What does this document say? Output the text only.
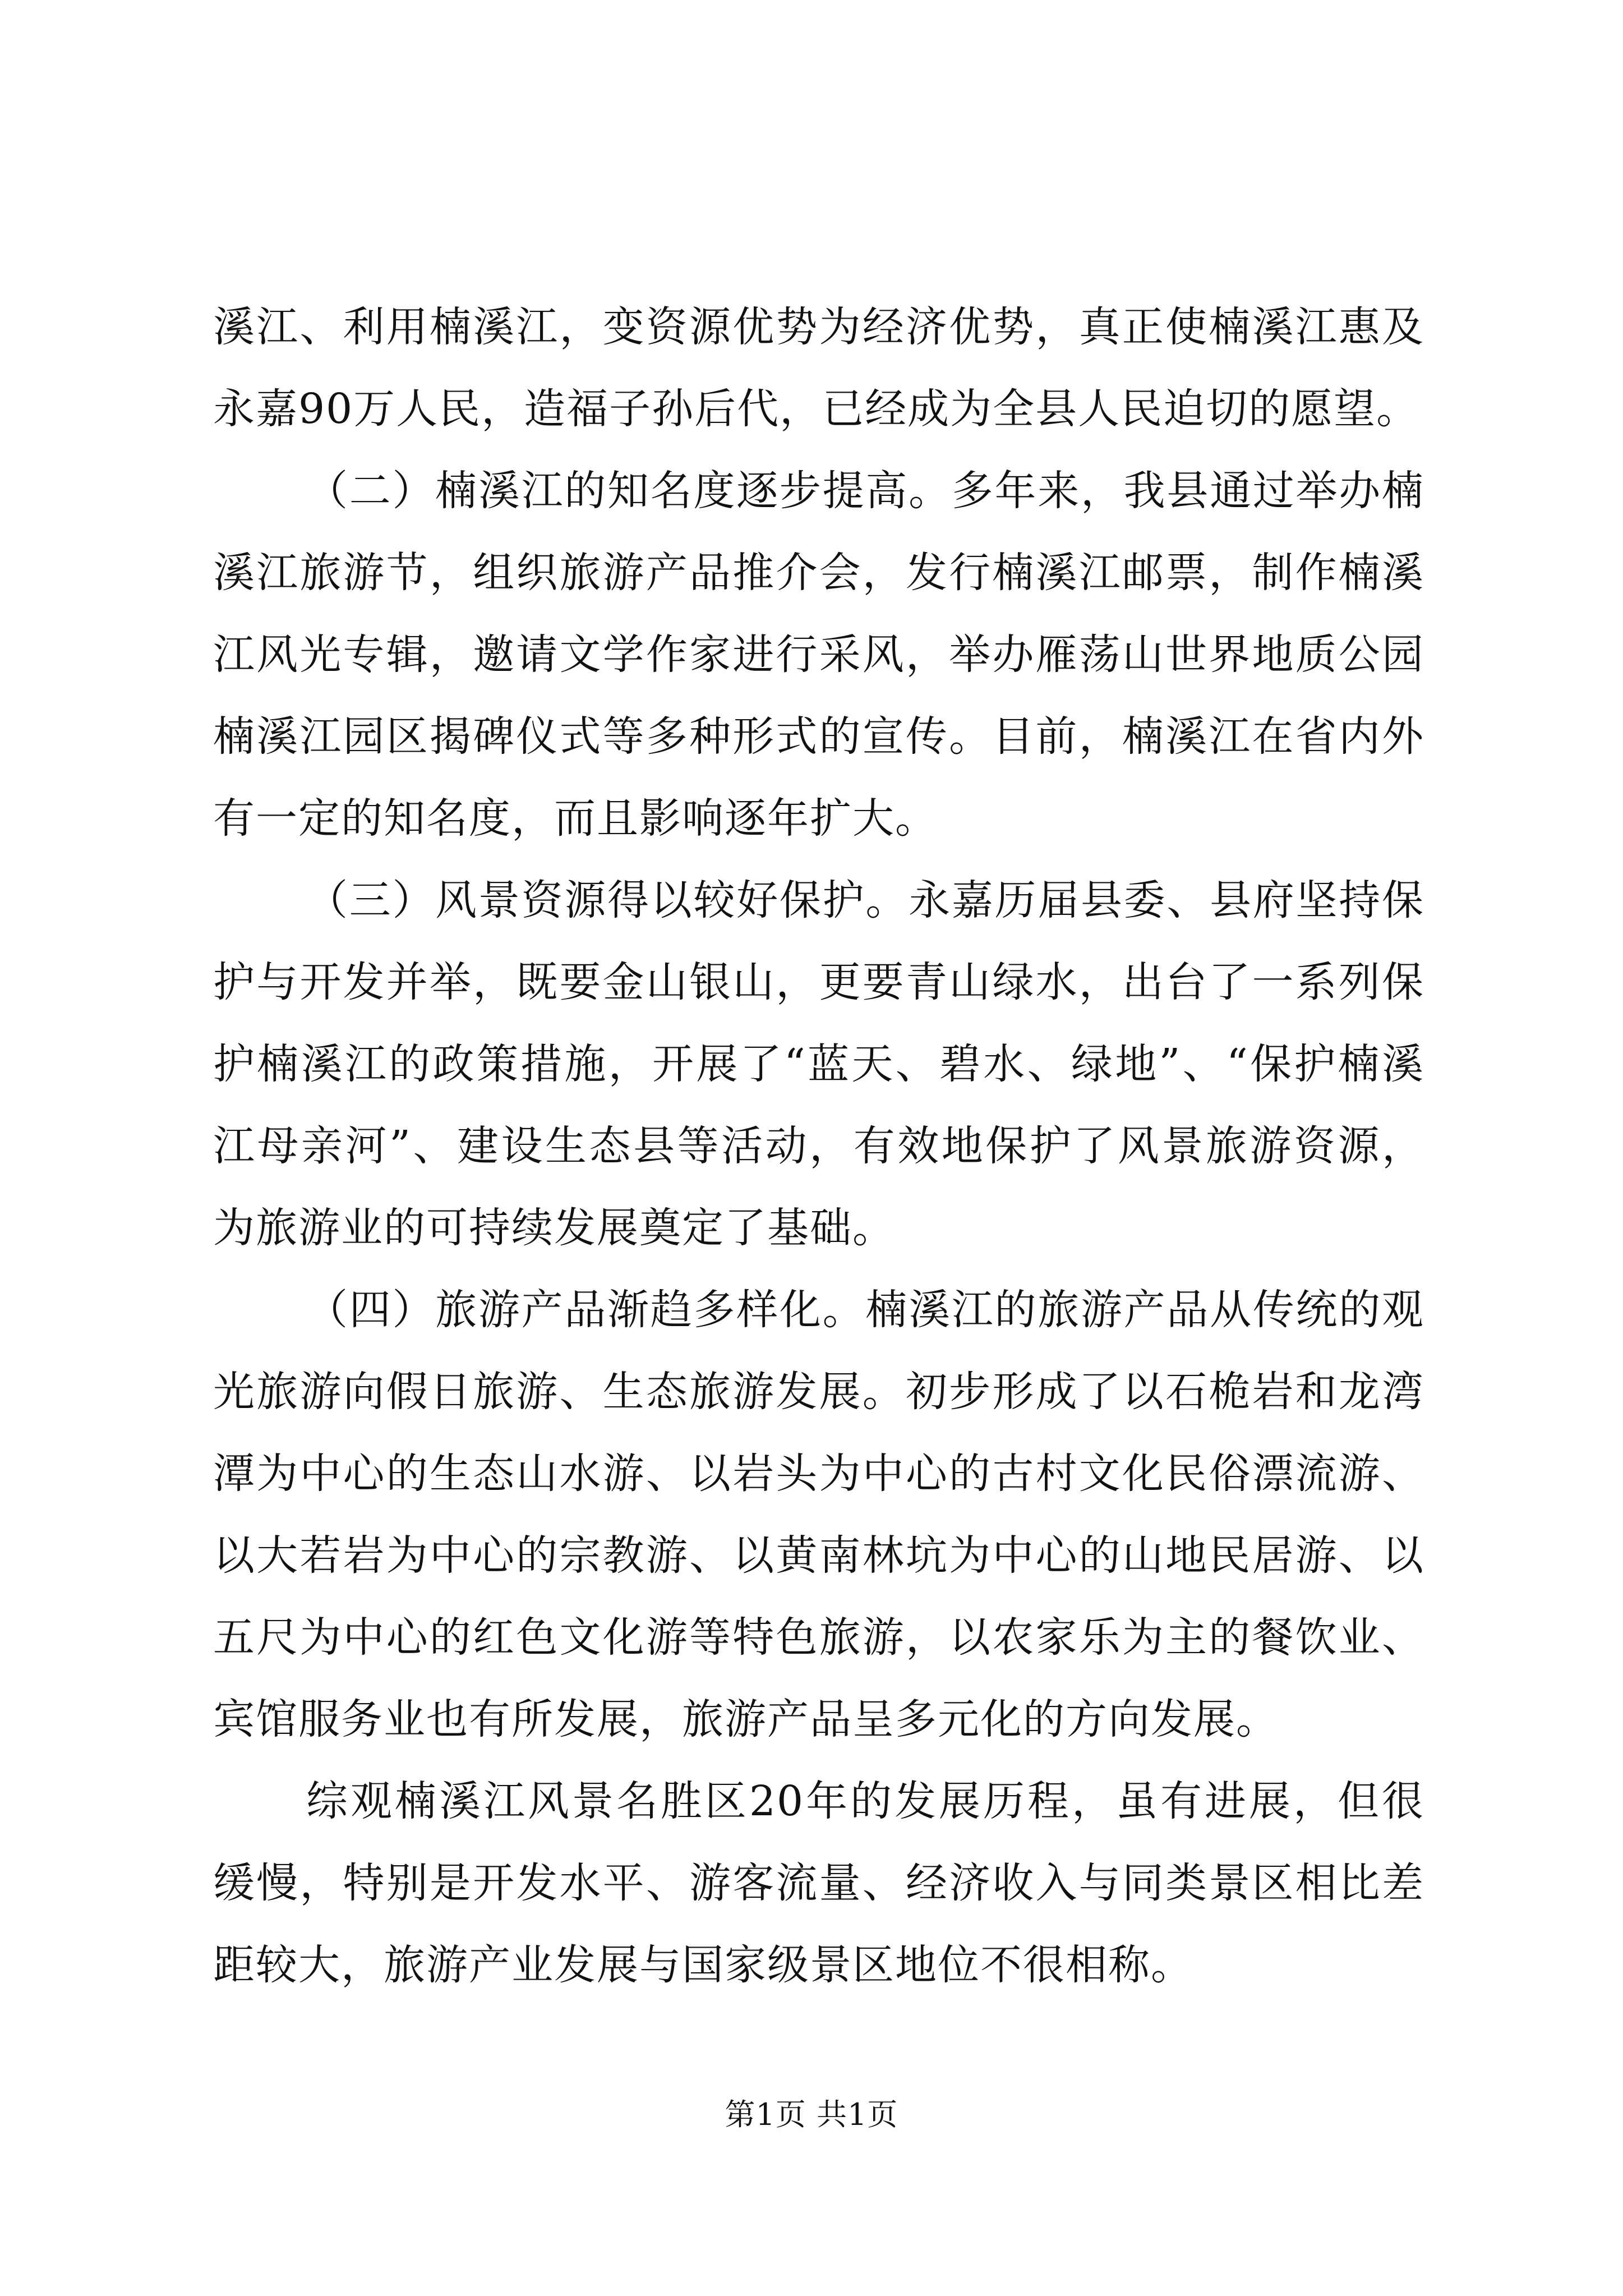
溪江、利用楠溪江，变资源优势为经济优势，真正使楠溪江惠及永嘉90万人民，造福子孙后代，已经成为全县人民迫切的愿望。

（二）楠溪江的知名度逐步提高。多年来，我县通过举办楠溪江旅游节，组织旅游产品推介会，发行楠溪江邮票，制作楠溪江风光专辑，邀请文学作家进行采风，举办雁荡山世界地质公园楠溪江园区揭碑仪式等多种形式的宣传。目前，楠溪江在省内外有一定的知名度，而且影响逐年扩大。

（三）风景资源得以较好保护。永嘉历届县委、县府坚持保护与开发并举，既要金山银山，更要青山绿水，出台了一系列保护楠溪江的政策措施，开展了“蓝天、碧水、绿地”、“保护楠溪江母亲河”、建设生态县等活动，有效地保护了风景旅游资源，为旅游业的可持续发展奠定了基础。

（四）旅游产品渐趋多样化。楠溪江的旅游产品从传统的观光旅游向假日旅游、生态旅游发展。初步形成了以石桅岩和龙湾潭为中心的生态山水游、以岩头为中心的古村文化民俗漂流游、以大若岩为中心的宗教游、以黄南林坑为中心的山地民居游、以五尺为中心的红色文化游等特色旅游，以农家乐为主的餐饮业、宾馆服务业也有所发展，旅游产品呈多元化的方向发展。

综观楠溪江风景名胜区20年的发展历程，虽有进展，但很缓慢，特别是开发水平、游客流量、经济收入与同类景区相比差距较大，旅游产业发展与国家级景区地位不很相称。

第1页 共1页
